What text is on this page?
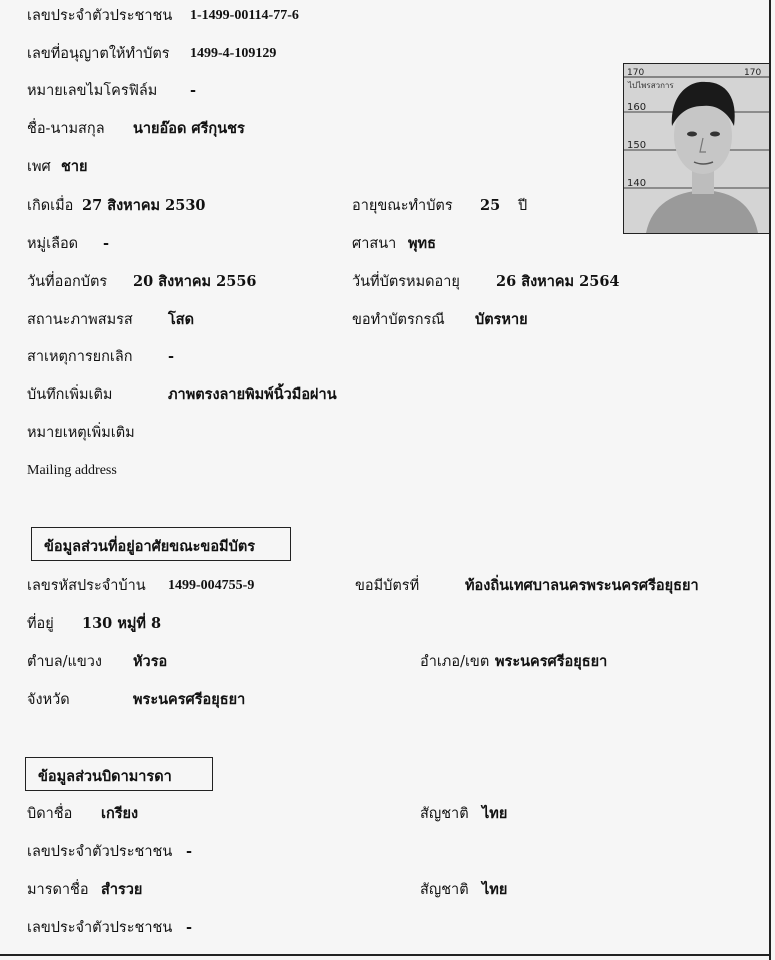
เลขประจำตัวประชาชน 1-1499-00114-77-6
เลขที่อนุญาตให้ทำบัตร 1499-4-109129
หมายเลขไมโครฟิล์ม -
ชื่อ-นามสกุล นายอ๊อด ศรีกุนชร
เพศ ชาย
เกิดเมื่อ 27 สิงหาคม 2530	อายุขณะทำบัตร 25 ปี
หมู่เลือด -	ศาสนา พุทธ
วันที่ออกบัตร 20 สิงหาคม 2556	วันที่บัตรหมดอายุ 26 สิงหาคม 2564
สถานะภาพสมรส โสด	ขอทำบัตรกรณี บัตรหาย
สาเหตุการยกเลิก -
บันทึกเพิ่มเติม	ภาพตรงลายพิมพ์นิ้วมือผ่าน
หมายเหตุเพิ่มเติม
Mailing address
170	170
ไปไพรสวการ
160
150
140
ข้อมูลส่วนที่อยู่อาศัยขณะขอมีบัตร
เลขรหัสประจำบ้าน 1499-004755-9	ขอมีบัตรที่	ท้องถิ่นเทศบาลนครพระนครศรีอยุธยา
ที่อยู่ 130 หมู่ที่ 8
ตำบล/แขวง หัวรอ	อำเภอ/เขต พระนครศรีอยุธยา
จังหวัด	พระนครศรีอยุธยา
ข้อมูลส่วนบิดามารดา
บิดาชื่อ เกรียง	สัญชาติ ไทย
เลขประจำตัวประชาชน -
มารดาชื่อ สำรวย	สัญชาติ ไทย
เลขประจำตัวประชาชน -
